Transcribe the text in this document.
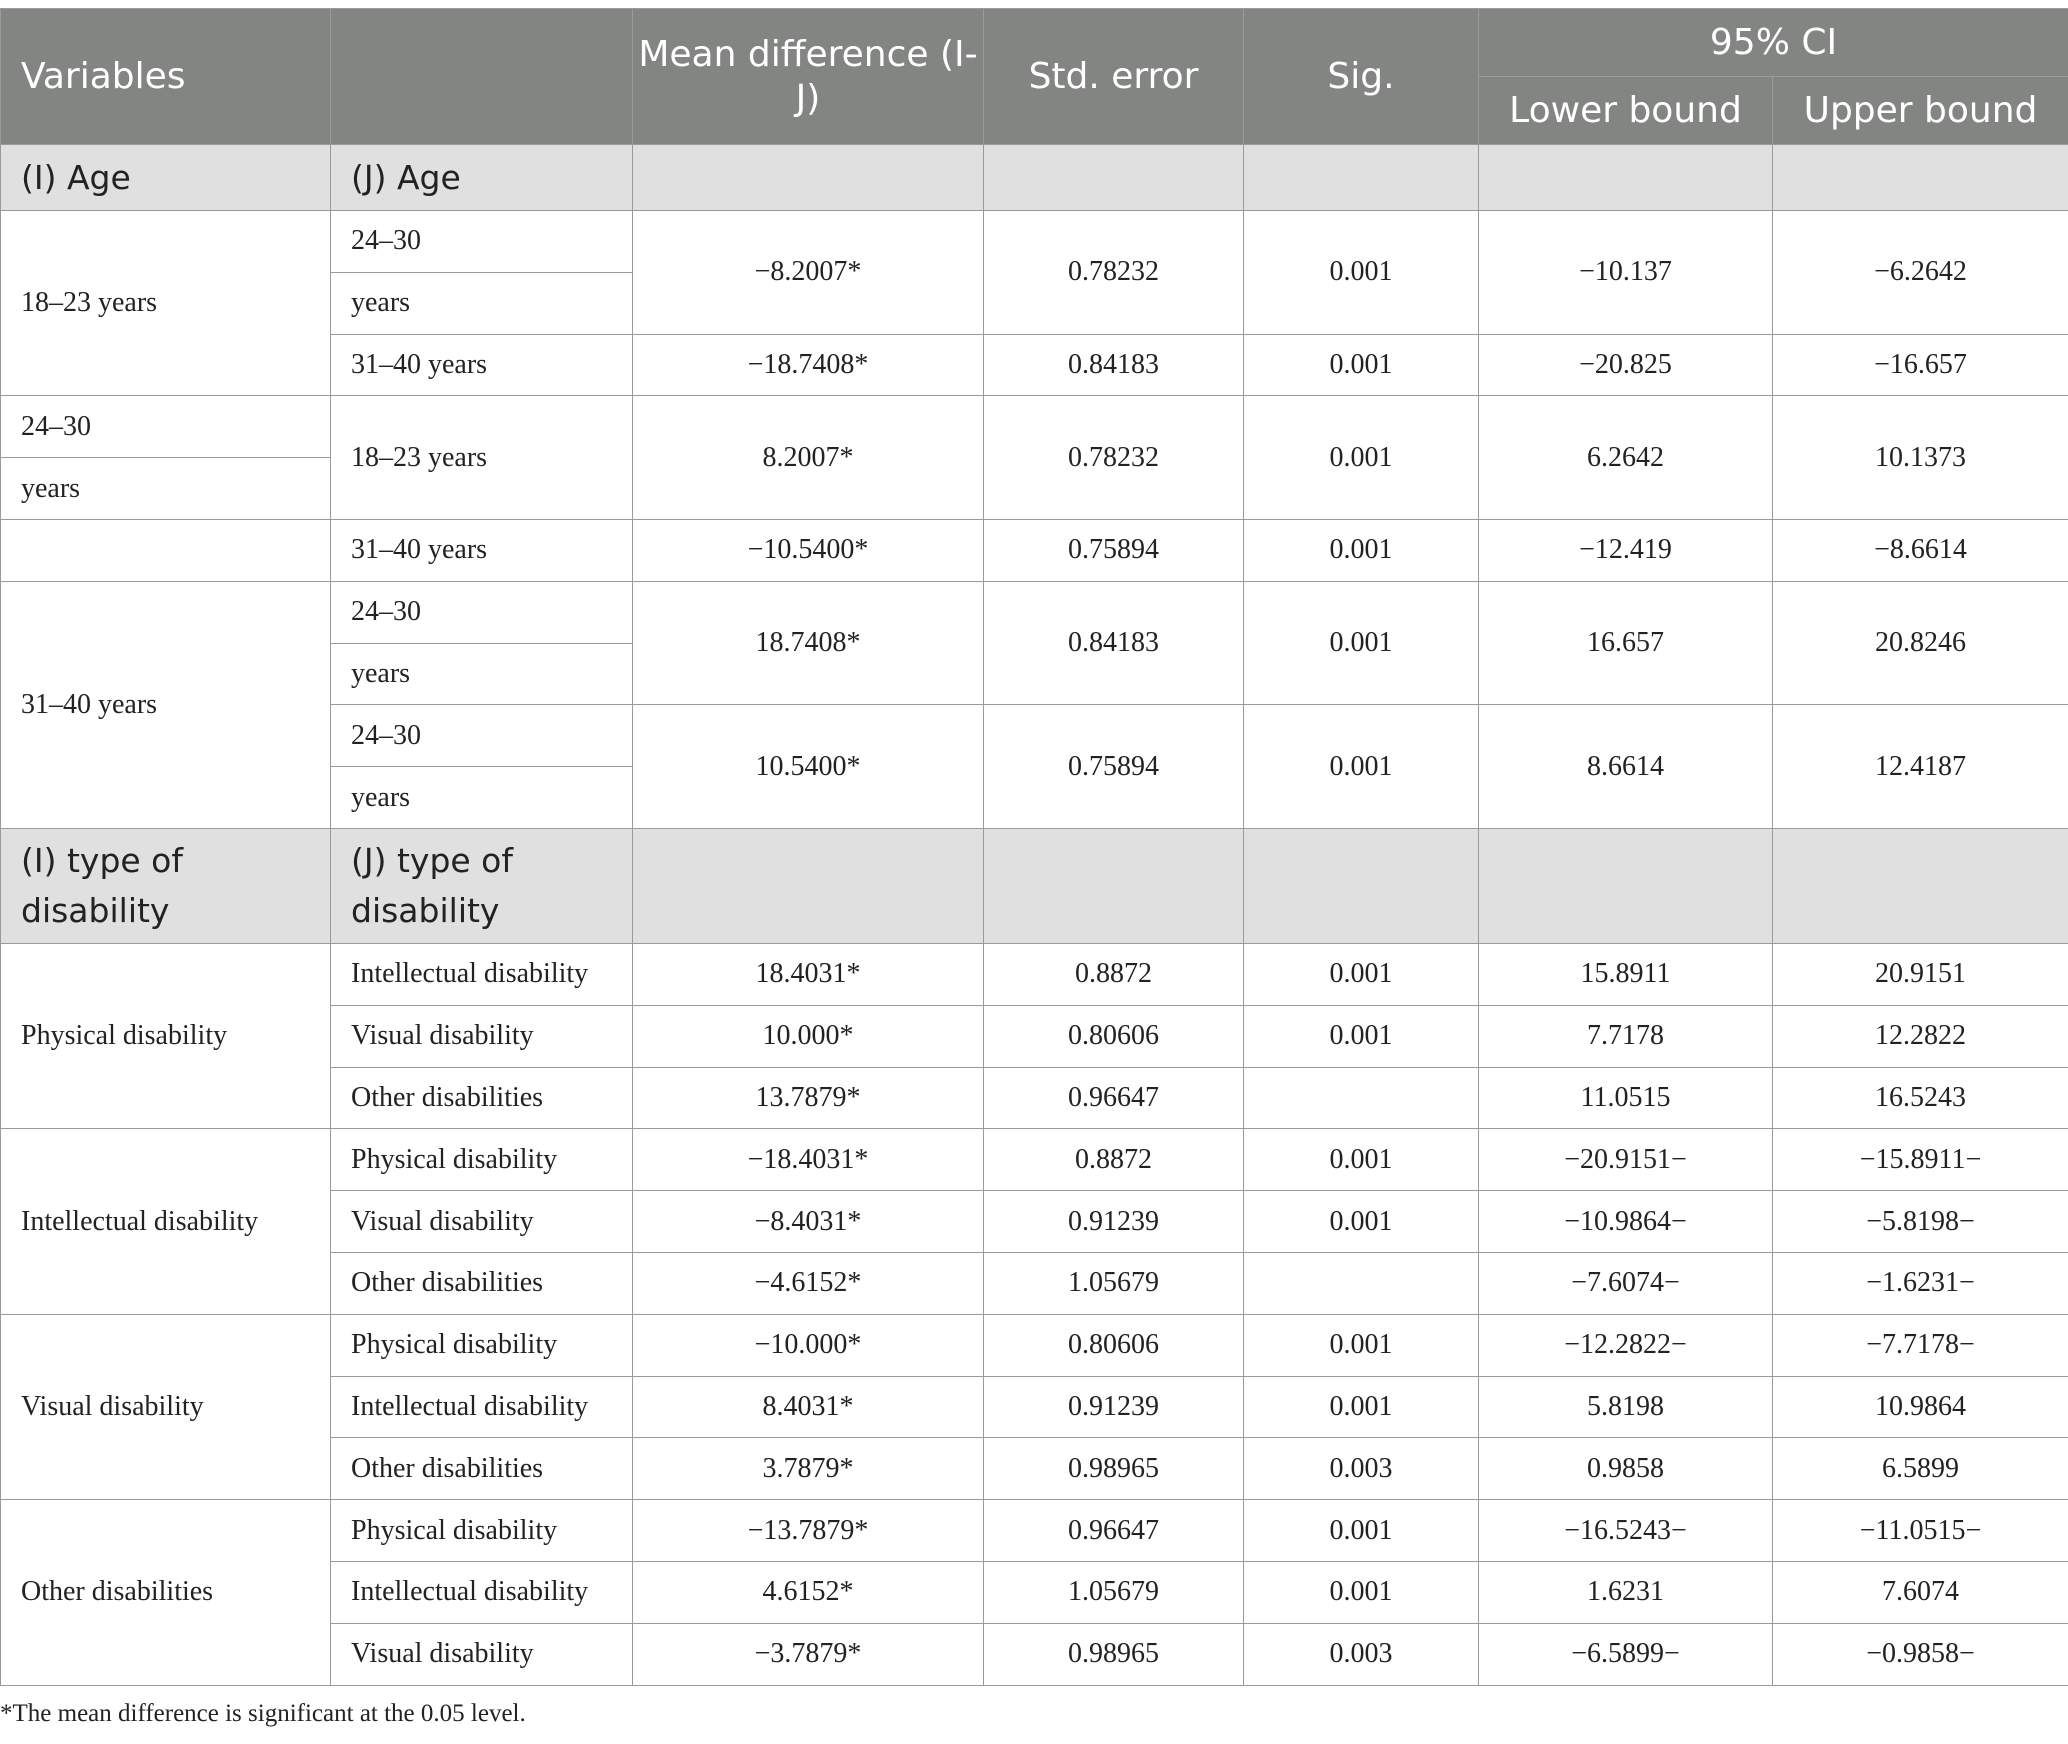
Variables		Mean difference (I-J)	Std. error	Sig.	95% CI	
					Lower bound	Upper bound
(I) Age	(J) Age					
18–23 years	24–30	−8.2007*	0.78232	0.001	−10.137	−6.2642
	years					
	31–40 years	−18.7408*	0.84183	0.001	−20.825	−16.657
24–30	18–23 years	8.2007*	0.78232	0.001	6.2642	10.1373
years						
	31–40 years	−10.5400*	0.75894	0.001	−12.419	−8.6614
31–40 years	24–30	18.7408*	0.84183	0.001	16.657	20.8246
	years					
	24–30	10.5400*	0.75894	0.001	8.6614	12.4187
	years					
(I) type of disability	(J) type of disability					
Physical disability	Intellectual disability	18.4031*	0.8872	0.001	15.8911	20.9151
	Visual disability	10.000*	0.80606	0.001	7.7178	12.2822
	Other disabilities	13.7879*	0.96647		11.0515	16.5243
Intellectual disability	Physical disability	−18.4031*	0.8872	0.001	−20.9151−	−15.8911−
	Visual disability	−8.4031*	0.91239	0.001	−10.9864−	−5.8198−
	Other disabilities	−4.6152*	1.05679		−7.6074−	−1.6231−
Visual disability	Physical disability	−10.000*	0.80606	0.001	−12.2822−	−7.7178−
	Intellectual disability	8.4031*	0.91239	0.001	5.8198	10.9864
	Other disabilities	3.7879*	0.98965	0.003	0.9858	6.5899
Other disabilities	Physical disability	−13.7879*	0.96647	0.001	−16.5243−	−11.0515−
	Intellectual disability	4.6152*	1.05679	0.001	1.6231	7.6074
	Visual disability	−3.7879*	0.98965	0.003	−6.5899−	−0.9858−
*The mean difference is significant at the 0.05 level.
